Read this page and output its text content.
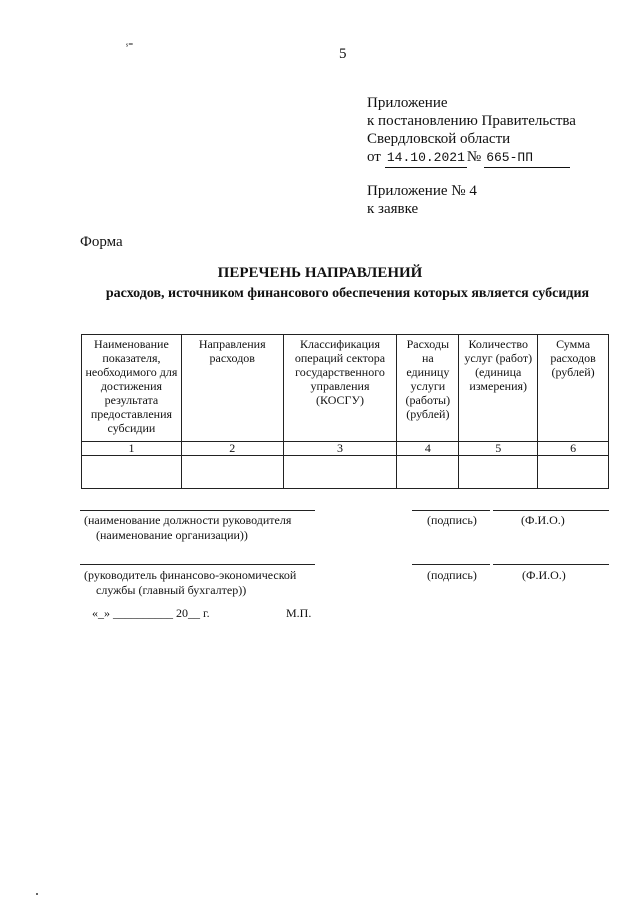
ˢ⁼	5
Приложение
к постановлению Правительства
Свердловской области
от 14.10.2021 № 665-ПП
Приложение № 4
к заявке
Форма
ПЕРЕЧЕНЬ НАПРАВЛЕНИЙ
расходов, источником финансового обеспечения которых является субсидия
Наименование показателя, необходимого для достижения результата предоставления субсидии	Направления расходов	Классификация операций сектора государственного управления (КОСГУ)	Расходы на единицу услуги (работы) (рублей)	Количество услуг (работ) (единица измерения)	Сумма расходов (рублей)
1	2	3	4	5	6

(наименование должности руководителя
(наименование организации))
(подпись)	(Ф.И.О.)
(руководитель финансово-экономической
службы (главный бухгалтер))
(подпись)	(Ф.И.О.)
«_» __________ 20__ г.	М.П.
